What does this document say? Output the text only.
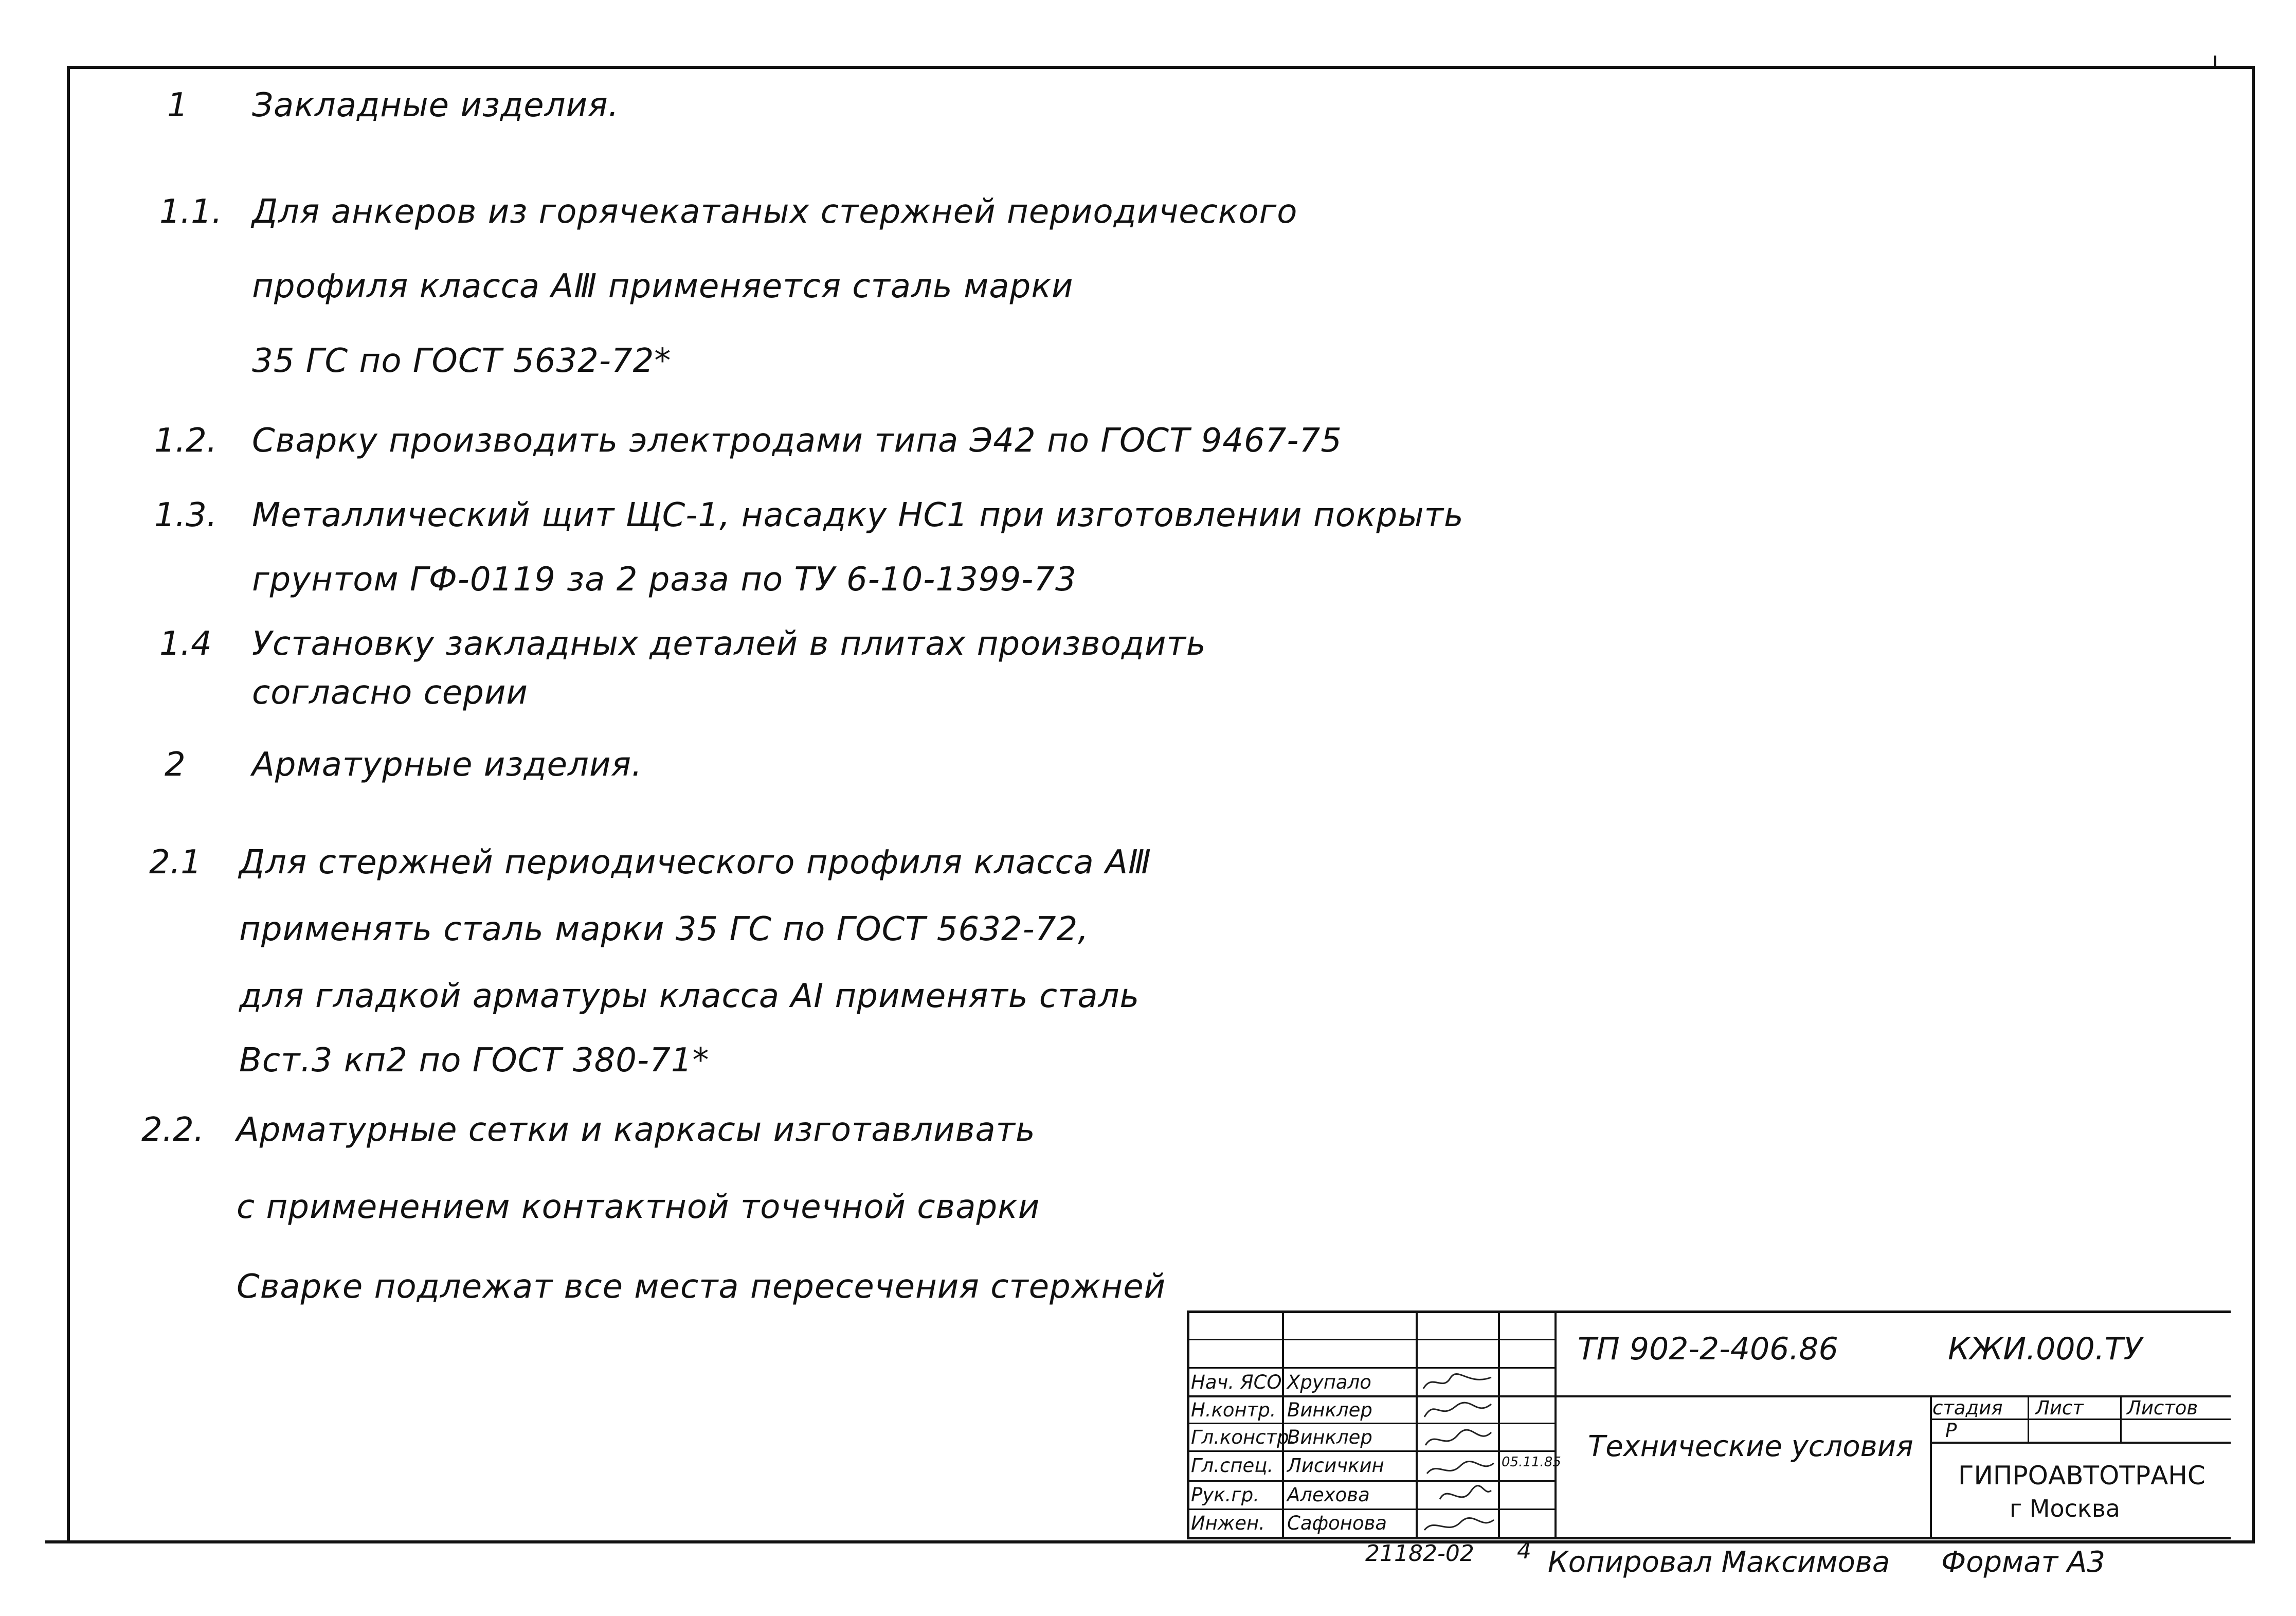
1 Закладные изделия.
1.1. Для анкеров из горячекатаных стержней периодического
профиля класса АⅢ применяется сталь марки
35 ГС по ГОСТ 5632-72*
1.2. Сварку производить электродами типа Э42 по ГОСТ 9467-75
1.3. Металлический щит ЩС-1, насадку НС1 при изготовлении покрыть
грунтом ГФ-0119 за 2 раза по ТУ 6-10-1399-73
1.4 Установку закладных деталей в плитах производить
согласно серии
2 Арматурные изделия.
2.1 Для стержней периодического профиля класса АⅢ
применять сталь марки 35 ГС по ГОСТ 5632-72,
для гладкой арматуры класса АⅠ применять сталь
Вст.3 кп2 по ГОСТ 380-71*
2.2. Арматурные сетки и каркасы изготавливать
с применением контактной точечной сварки
Сварке подлежат все места пересечения стержней
Нач. ЯСО Хрупало
Н.контр. Винклер
Гл.констр.
Винклер
Гл.спец. Лисичкин
Рук.гр. Алехова
Инжен. Сафонова
05.11.85
ТП 902-2-406.86	КЖИ.000.ТУ
Технические условия
стадия Лист Листов
Р
ГИПРОАВТОТРАНС
г Москва
21182-02 4 Копировал Максимова Формат А3
